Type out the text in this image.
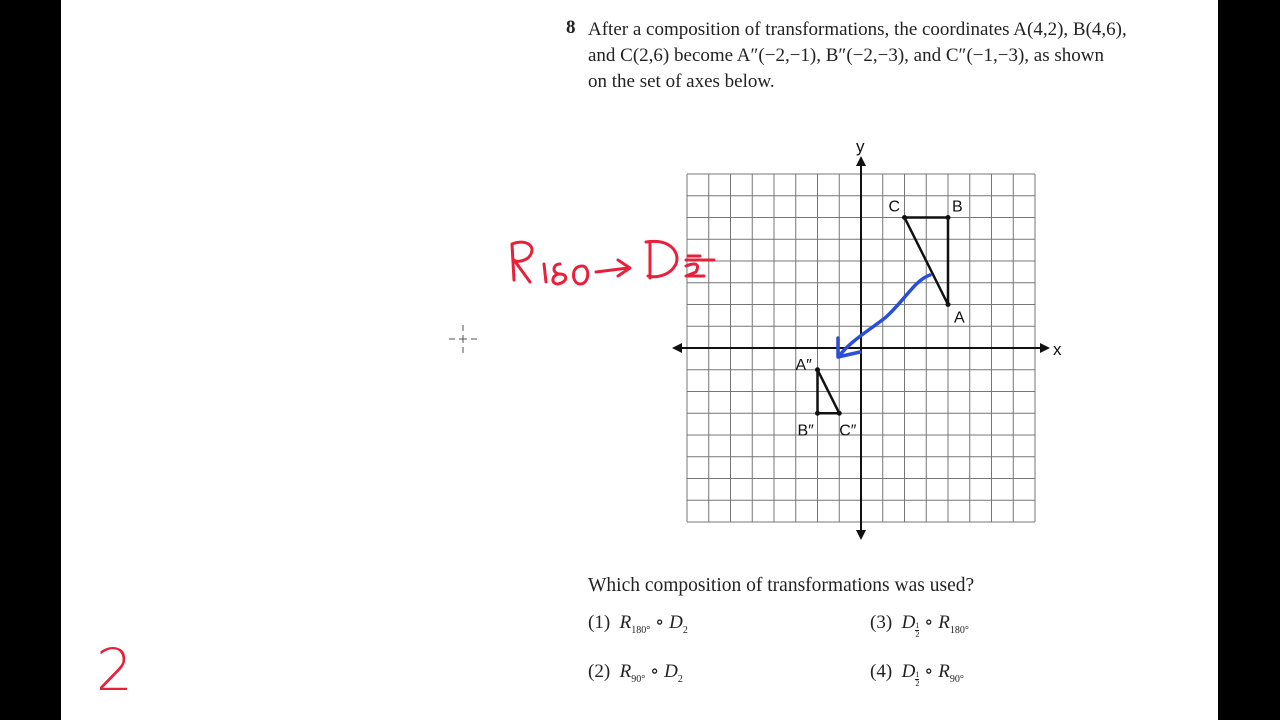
8 After a composition of transformations, the coordinates A(4,2), B(4,6),
and C(2,6) become A″(−2,−1), B″(−2,−3), and C″(−1,−3), as shown
on the set of axes below.
x
y
A
B
C
A″
B″ C″
Which composition of transformations was used?
(1) $R_{180^\circ}$ ∘ $D_2$
(2) $R_{90^\circ}$ ∘ $D_2$
(3) D $\frac{1}{2}$ ∘ $R_{180^\circ}$
(4) D $\frac{1}{2}$ ∘ $R_{90^\circ}$
2
